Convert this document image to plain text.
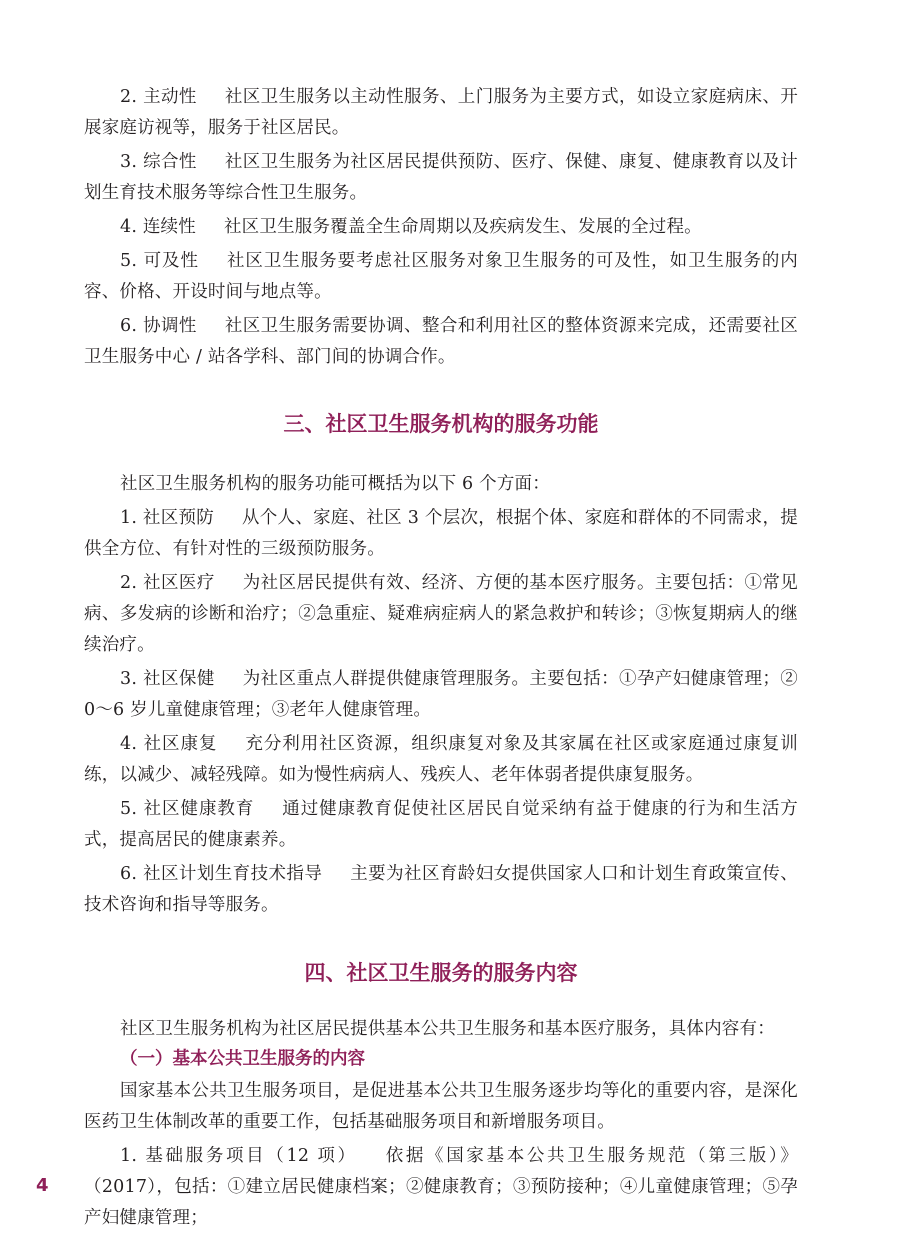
2. 主动性 社区卫生服务以主动性服务、上门服务为主要方式，如设立家庭病床、开展家庭访视等，服务于社区居民。

3. 综合性 社区卫生服务为社区居民提供预防、医疗、保健、康复、健康教育以及计划生育技术服务等综合性卫生服务。

4. 连续性 社区卫生服务覆盖全生命周期以及疾病发生、发展的全过程。

5. 可及性 社区卫生服务要考虑社区服务对象卫生服务的可及性，如卫生服务的内容、价格、开设时间与地点等。

6. 协调性 社区卫生服务需要协调、整合和利用社区的整体资源来完成，还需要社区卫生服务中心 / 站各学科、部门间的协调合作。

三、社区卫生服务机构的服务功能

社区卫生服务机构的服务功能可概括为以下 6 个方面：

1. 社区预防 从个人、家庭、社区 3 个层次，根据个体、家庭和群体的不同需求，提供全方位、有针对性的三级预防服务。

2. 社区医疗 为社区居民提供有效、经济、方便的基本医疗服务。主要包括：①常见病、多发病的诊断和治疗；②急重症、疑难病症病人的紧急救护和转诊；③恢复期病人的继续治疗。

3. 社区保健 为社区重点人群提供健康管理服务。主要包括：①孕产妇健康管理；② 0～6 岁儿童健康管理；③老年人健康管理。

4. 社区康复 充分利用社区资源，组织康复对象及其家属在社区或家庭通过康复训练，以减少、减轻残障。如为慢性病病人、残疾人、老年体弱者提供康复服务。

5. 社区健康教育 通过健康教育促使社区居民自觉采纳有益于健康的行为和生活方式，提高居民的健康素养。

6. 社区计划生育技术指导 主要为社区育龄妇女提供国家人口和计划生育政策宣传、技术咨询和指导等服务。

四、社区卫生服务的服务内容

社区卫生服务机构为社区居民提供基本公共卫生服务和基本医疗服务，具体内容有：

（一）基本公共卫生服务的内容

国家基本公共卫生服务项目，是促进基本公共卫生服务逐步均等化的重要内容，是深化医药卫生体制改革的重要工作，包括基础服务项目和新增服务项目。

1. 基础服务项目（12 项） 依据《国家基本公共卫生服务规范（第三版）》（2017），包括：①建立居民健康档案；②健康教育；③预防接种；④儿童健康管理；⑤孕产妇健康管理；

4
